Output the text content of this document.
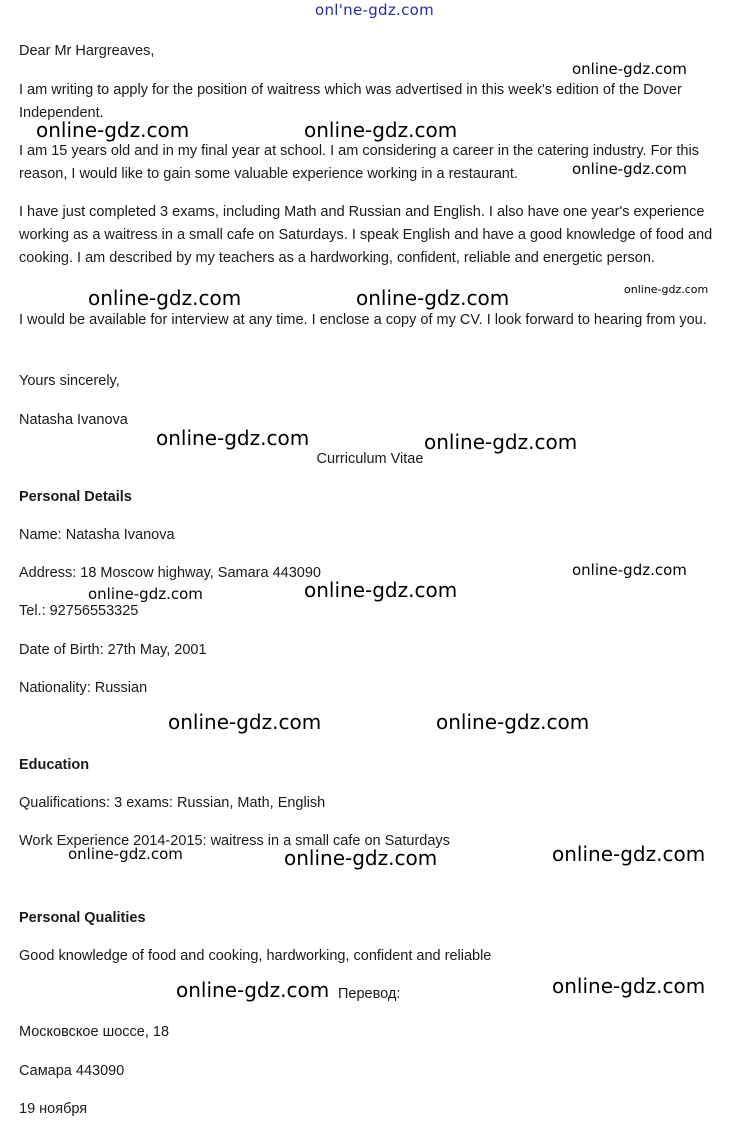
Dear Mr Hargreaves,

I am writing to apply for the position of waitress which was advertised in this week's edition of the Dover Independent.

I am 15 years old and in my final year at school. I am considering a career in the catering industry. For this reason, I would like to gain some valuable experience working in a restaurant.

I have just completed 3 exams, including Math and Russian and English. I also have one year's experience working as a waitress in a small cafe on Saturdays. I speak English and have a good knowledge of food and cooking. I am described by my teachers as a hardworking, confident, reliable and energetic person.

I would be available for interview at any time. I enclose a copy of my CV. I look forward to hearing from you.

Yours sincerely,

Natasha Ivanova

Curriculum Vitae

Personal Details

Name: Natasha Ivanova

Address: 18 Moscow highway, Samara 443090

Tel.: 92756553325

Date of Birth: 27th May, 2001

Nationality: Russian

Education

Qualifications: 3 exams: Russian, Math, English

Work Experience 2014-2015: waitress in a small cafe on Saturdays

Personal Qualities

Good knowledge of food and cooking, hardworking, confident and reliable

Перевод:

Московское шоссе, 18

Самара 443090

19 ноября

onl'ne-gdz.com
online-gdz.com
online-gdz.com	online-gdz.com
online-gdz.com
online-gdz.com
online-gdz.com	online-gdz.com
online-gdz.com	online-gdz.com
online-gdz.com
online-gdz.com
online-gdz.com
online-gdz.com	online-gdz.com
online-gdz.com	online-gdz.com	online-gdz.com
online-gdz.com	online-gdz.com
